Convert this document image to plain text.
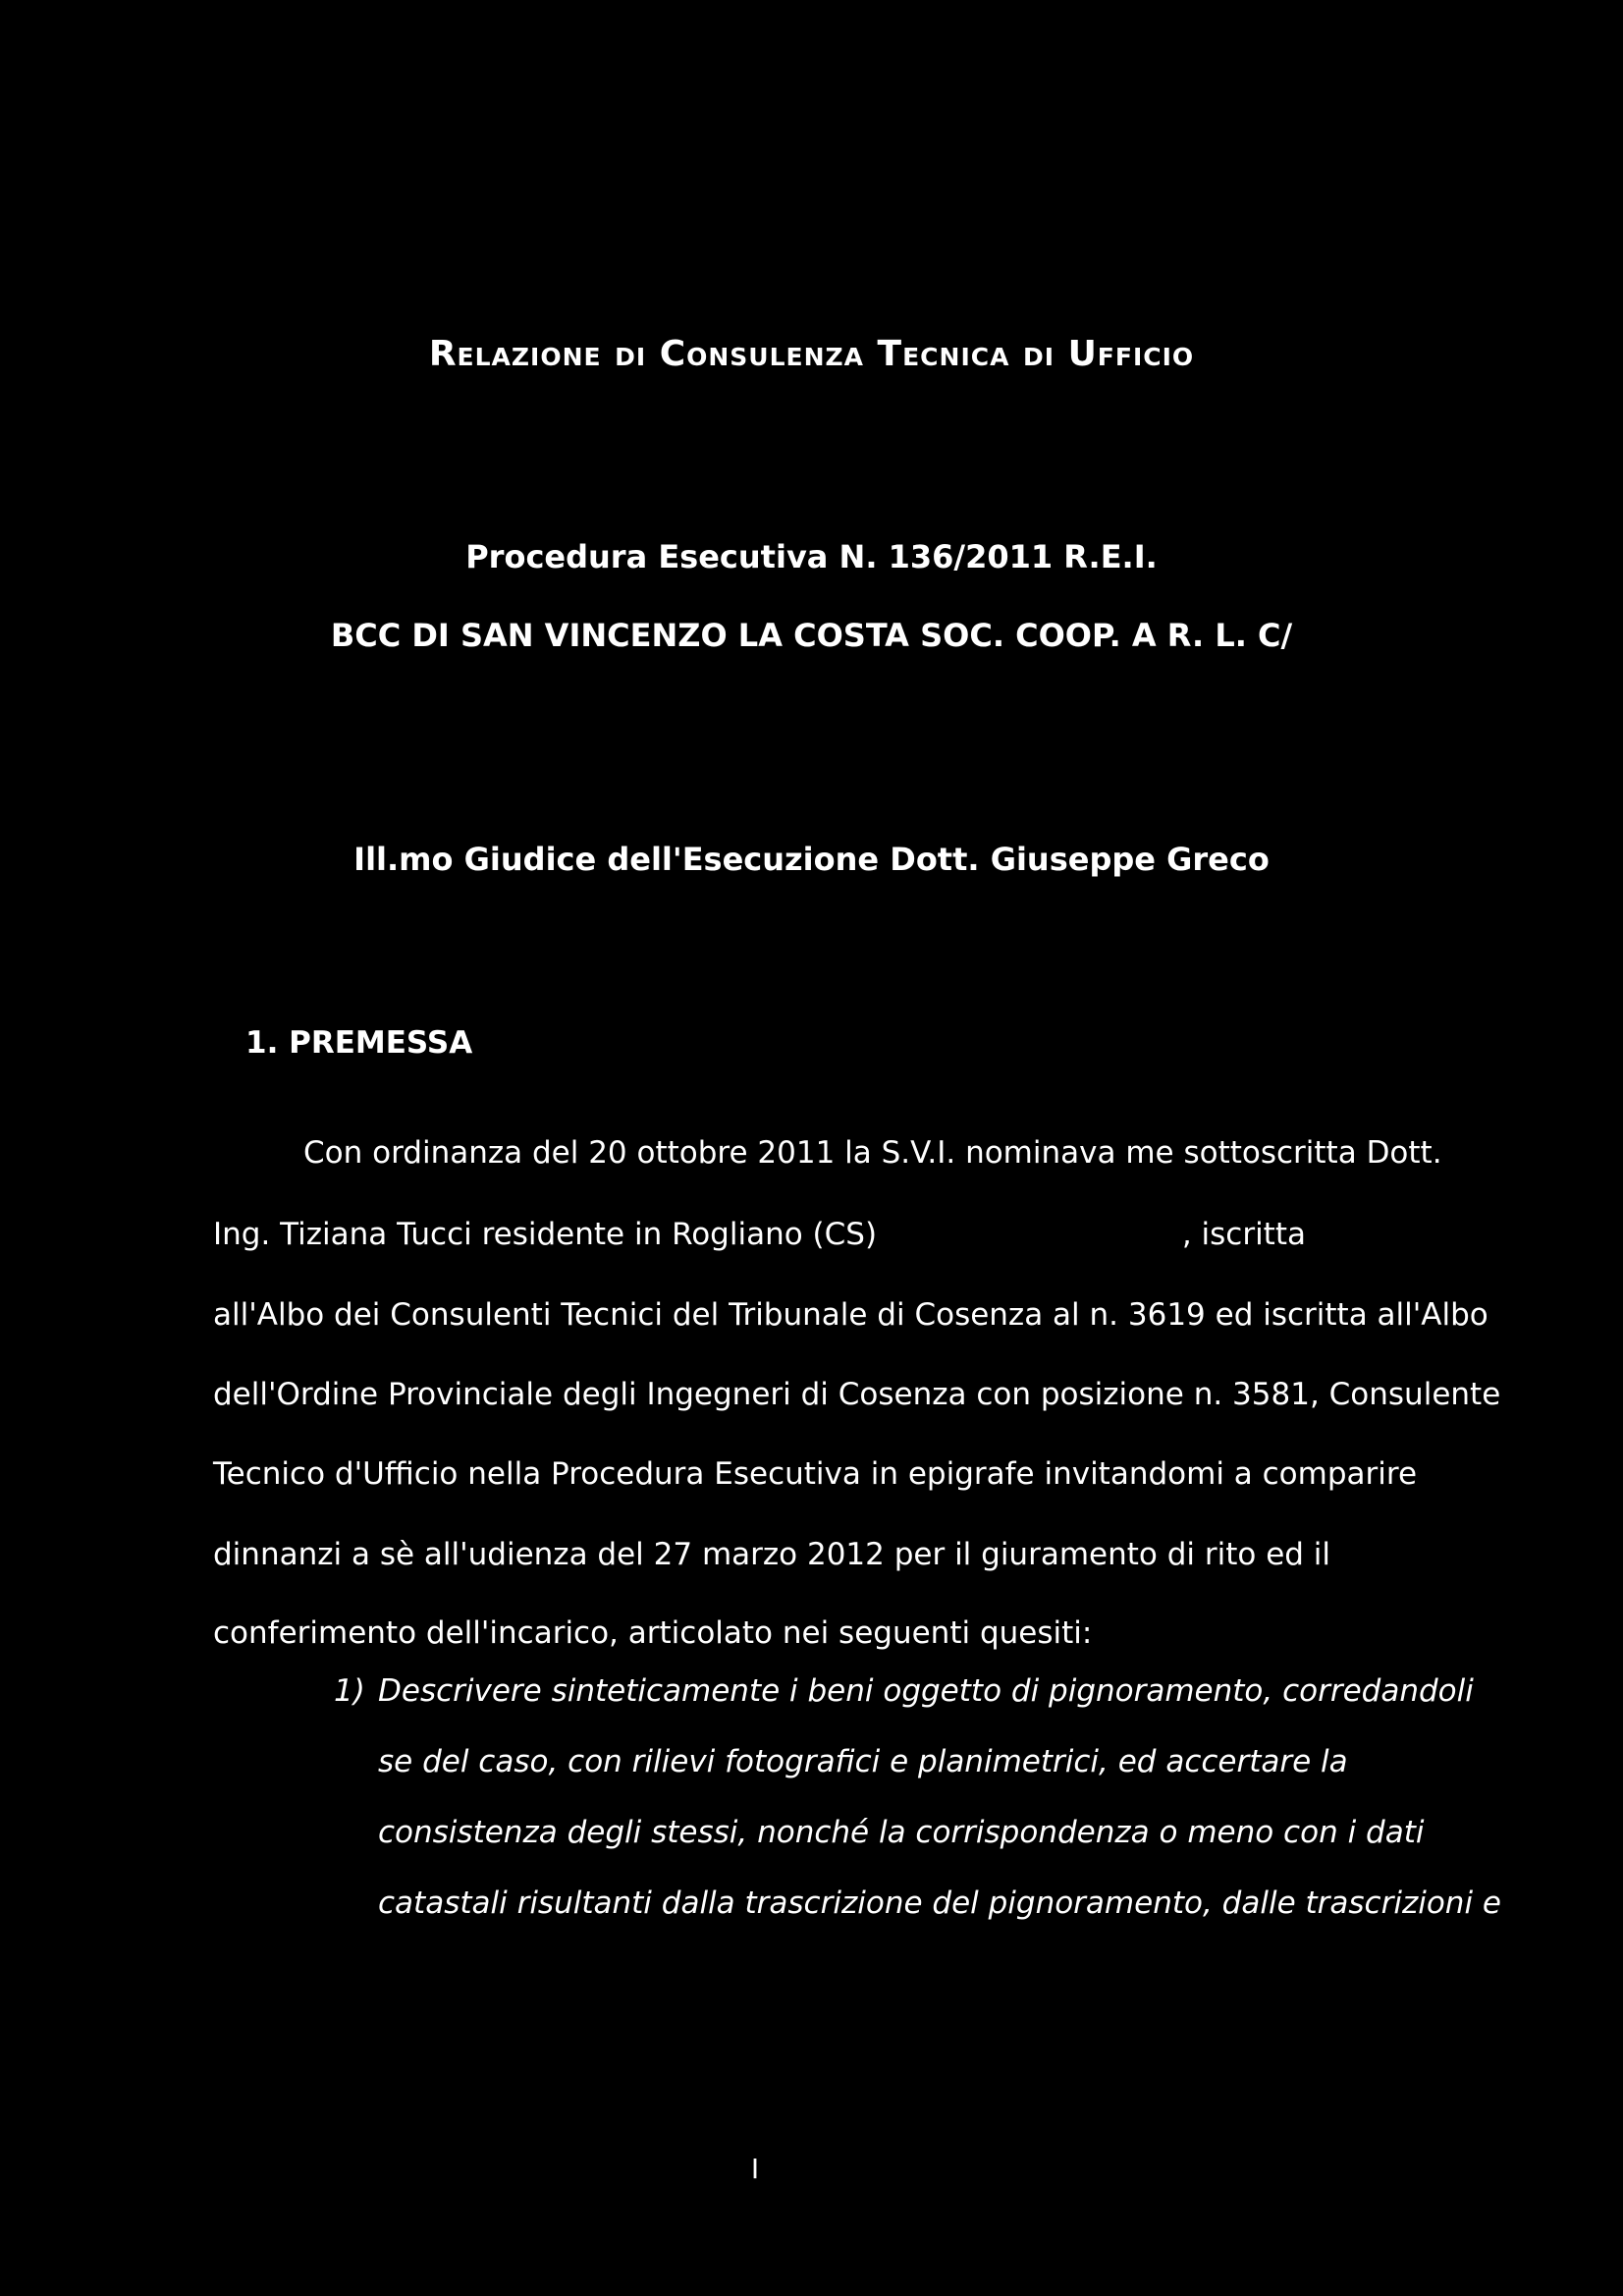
Relazione di Consulenza Tecnica di Ufficio
Procedura Esecutiva N. 136/2011 R.E.I.
BCC DI SAN VINCENZO LA COSTA SOC. COOP. A R. L. C/
Ill.mo Giudice dell'Esecuzione Dott. Giuseppe Greco
1. PREMESSA
Con ordinanza del 20 ottobre 2011 la S.V.I. nominava me sottoscritta Dott.
Ing. Tiziana Tucci residente in Rogliano (CS)	, iscritta
all'Albo dei Consulenti Tecnici del Tribunale di Cosenza al n. 3619 ed iscritta all'Albo
dell'Ordine Provinciale degli Ingegneri di Cosenza con posizione n. 3581, Consulente
Tecnico d'Ufficio nella Procedura Esecutiva in epigrafe invitandomi a comparire
dinnanzi a sè all'udienza del 27 marzo 2012 per il giuramento di rito ed il
conferimento dell'incarico, articolato nei seguenti quesiti:
1) Descrivere sinteticamente i beni oggetto di pignoramento, corredandoli
se del caso, con rilievi fotografici e planimetrici, ed accertare la
consistenza degli stessi, nonché la corrispondenza o meno con i dati
catastali risultanti dalla trascrizione del pignoramento, dalle trascrizioni e
I
